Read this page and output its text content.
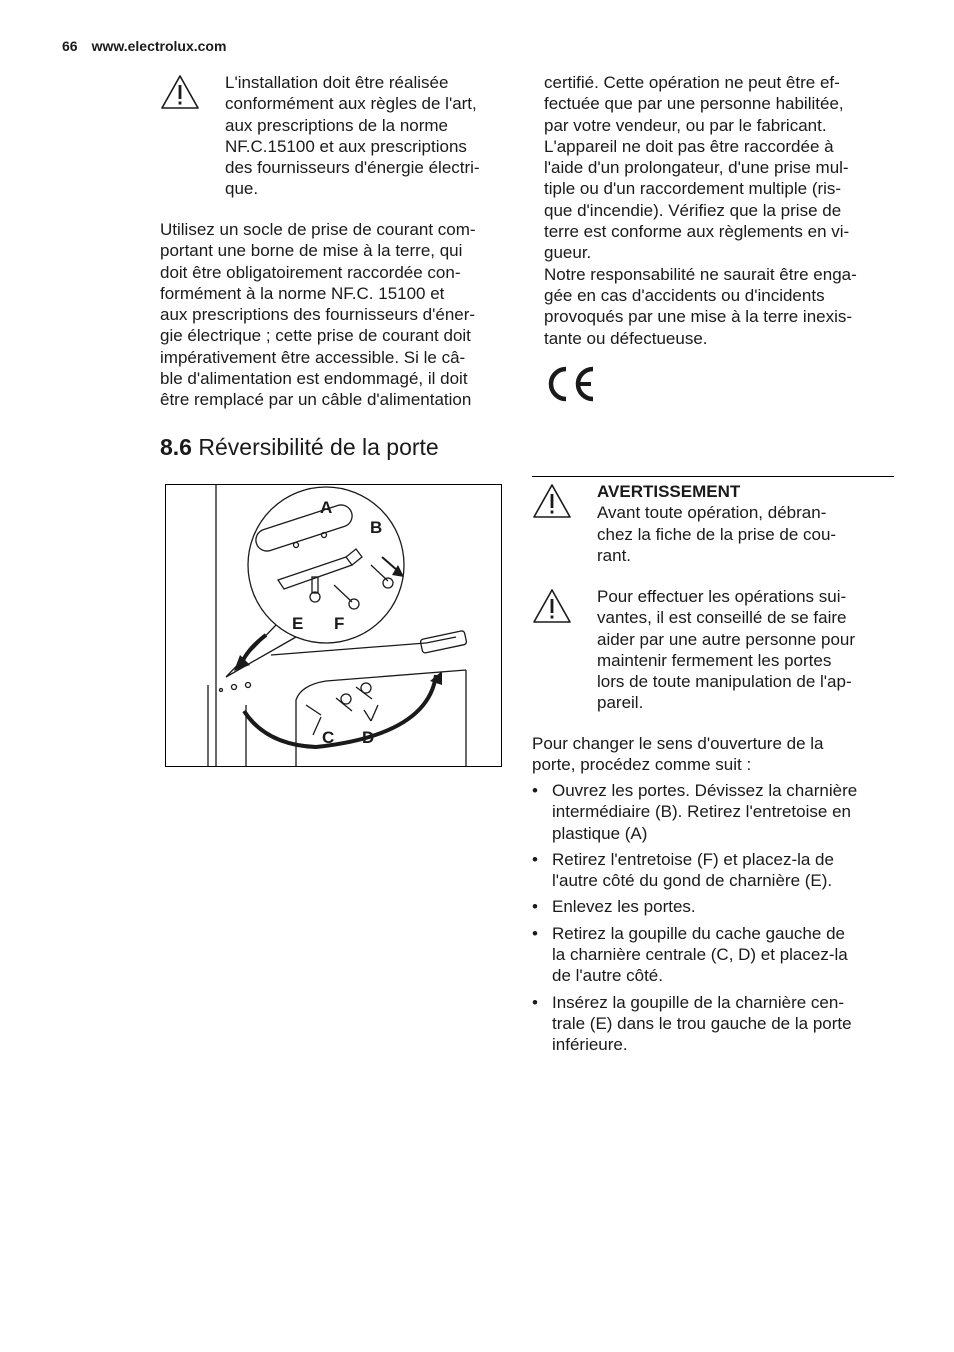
66 www.electrolux.com
L'installation doit être réalisée
conformément aux règles de l'art,
aux prescriptions de la norme
NF.C.15100 et aux prescriptions
des fournisseurs d'énergie électri-
que.
Utilisez un socle de prise de courant com-
portant une borne de mise à la terre, qui
doit être obligatoirement raccordée con-
formément à la norme NF.C. 15100 et
aux prescriptions des fournisseurs d'éner-
gie électrique ; cette prise de courant doit
impérativement être accessible. Si le câ-
ble d'alimentation est endommagé, il doit
être remplacé par un câble d'alimentation
certifié. Cette opération ne peut être ef-
fectuée que par une personne habilitée,
par votre vendeur, ou par le fabricant.
L'appareil ne doit pas être raccordée à
l'aide d'un prolongateur, d'une prise mul-
tiple ou d'un raccordement multiple (ris-
que d'incendie). Vérifiez que la prise de
terre est conforme aux règlements en vi-
gueur.
Notre responsabilité ne saurait être enga-
gée en cas d'accidents ou d'incidents
provoqués par une mise à la terre inexis-
tante ou défectueuse.
8.6 Réversibilité de la porte
A
B
E F
C D
AVERTISSEMENT
Avant toute opération, débran-
chez la fiche de la prise de cou-
rant.
Pour effectuer les opérations sui-
vantes, il est conseillé de se faire
aider par une autre personne pour
maintenir fermement les portes
lors de toute manipulation de l'ap-
pareil.
Pour changer le sens d'ouverture de la
porte, procédez comme suit :
• Ouvrez les portes. Dévissez la charnière
intermédiaire (B). Retirez l'entretoise en
plastique (A)
• Retirez l'entretoise (F) et placez-la de
l'autre côté du gond de charnière (E).
• Enlevez les portes.
• Retirez la goupille du cache gauche de
la charnière centrale (C, D) et placez-la
de l'autre côté.
• Insérez la goupille de la charnière cen-
trale (E) dans le trou gauche de la porte
inférieure.
